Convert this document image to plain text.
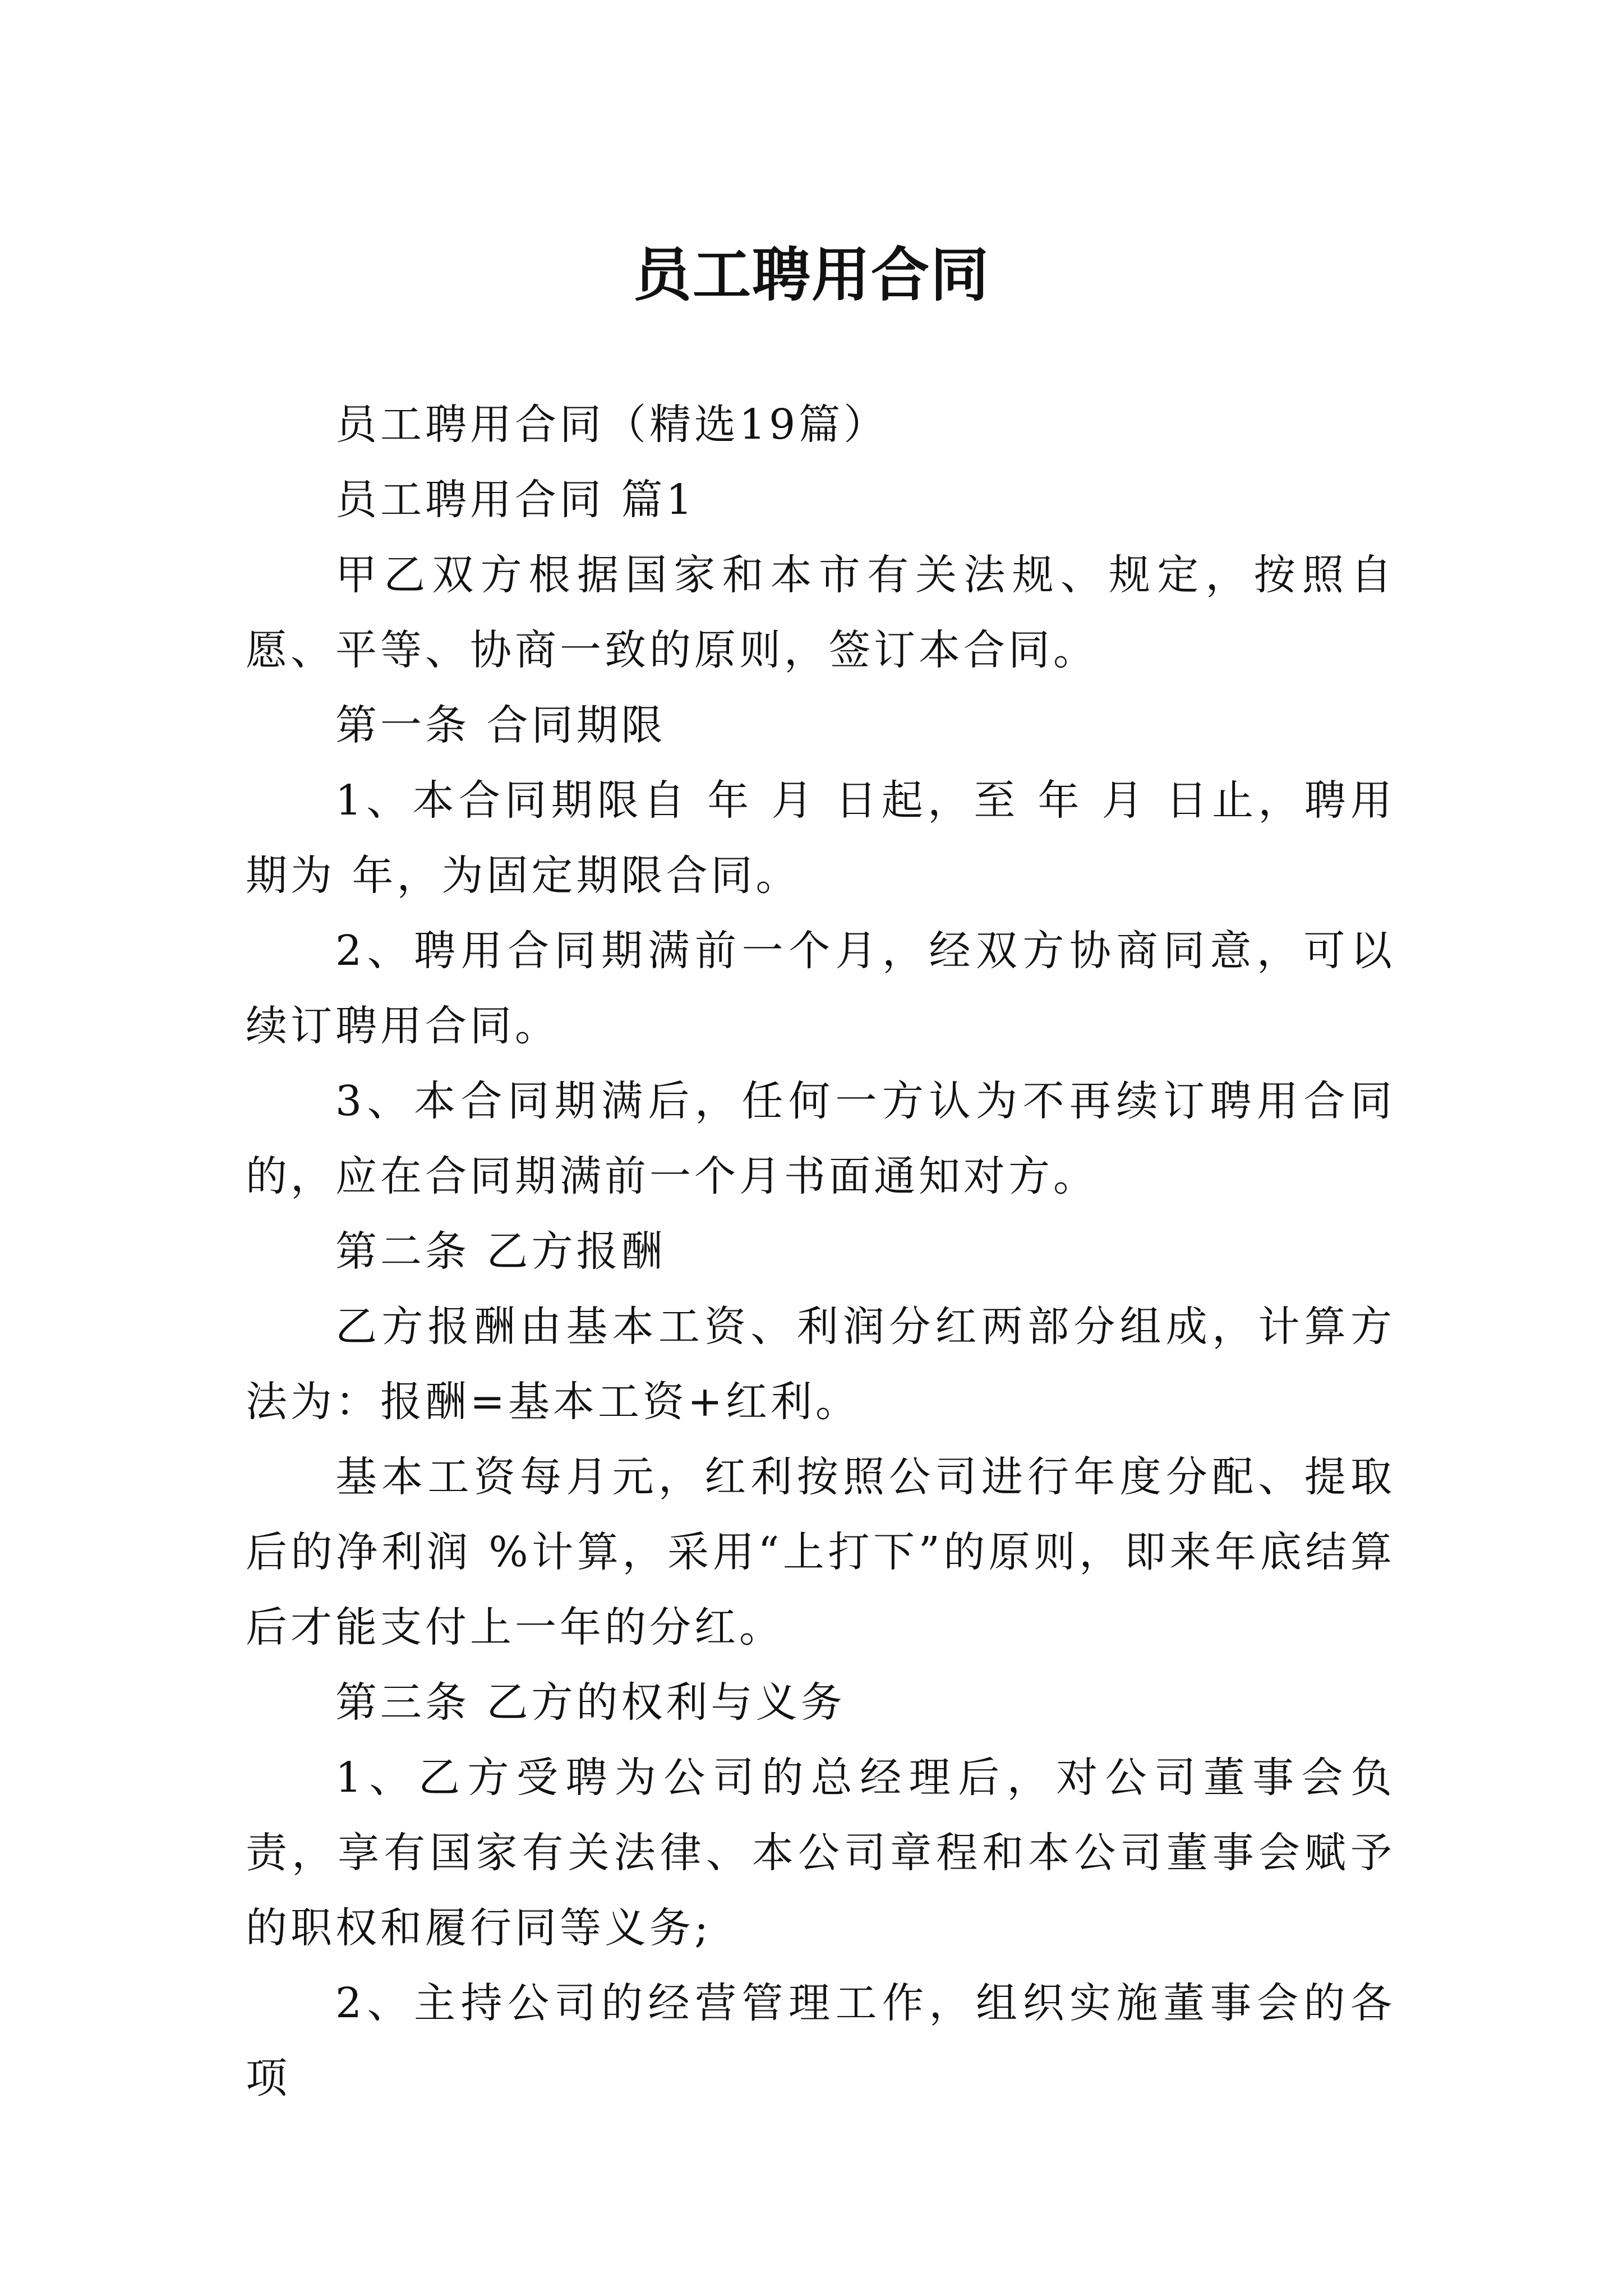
员工聘用合同

员工聘用合同（精选19篇）

员工聘用合同 篇1

甲乙双方根据国家和本市有关法规、规定，按照自愿、平等、协商一致的原则，签订本合同。

第一条 合同期限

1、本合同期限自 年 月 日起，至 年 月 日止，聘用期为 年，为固定期限合同。

2、聘用合同期满前一个月，经双方协商同意，可以续订聘用合同。

3、本合同期满后，任何一方认为不再续订聘用合同的，应在合同期满前一个月书面通知对方。

第二条 乙方报酬

乙方报酬由基本工资、利润分红两部分组成，计算方法为：报酬=基本工资+红利。

基本工资每月元，红利按照公司进行年度分配、提取后的净利润 %计算，采用“上打下”的原则，即来年底结算后才能支付上一年的分红。

第三条 乙方的权利与义务

1、乙方受聘为公司的总经理后，对公司董事会负责，享有国家有关法律、本公司章程和本公司董事会赋予的职权和履行同等义务;

2、主持公司的经营管理工作，组织实施董事会的各项
